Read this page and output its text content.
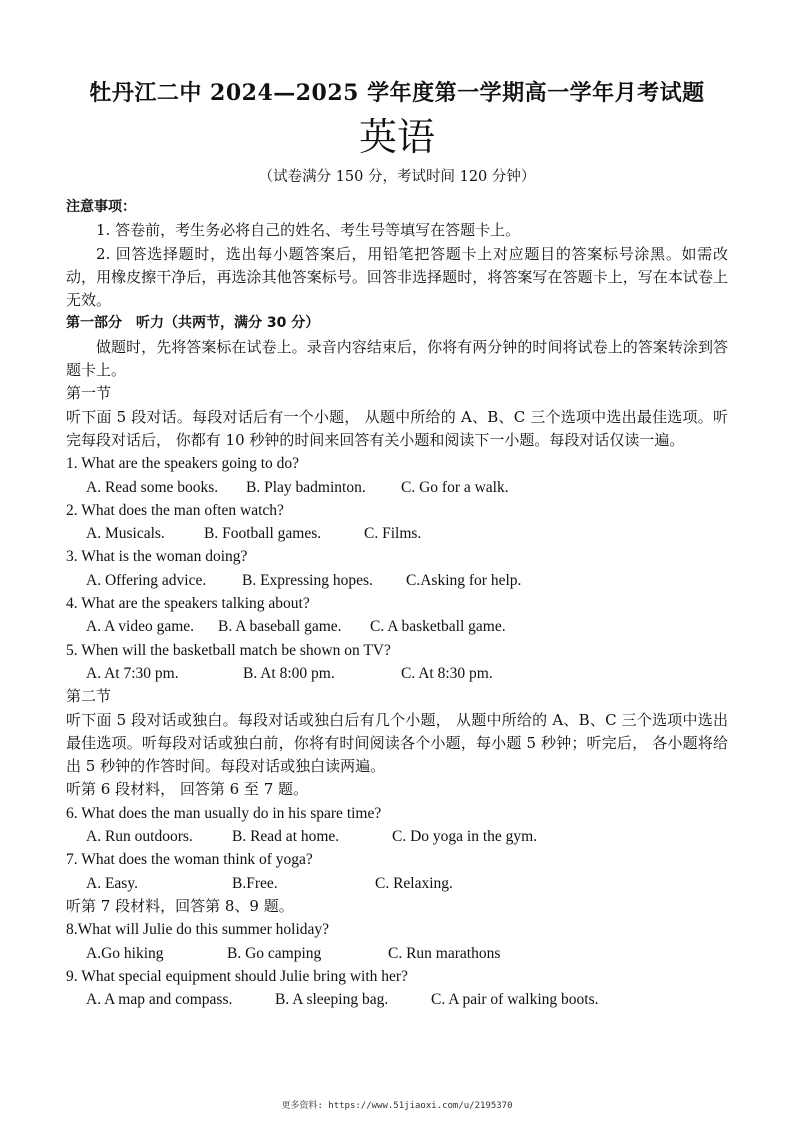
牡丹江二中 2024—2025 学年度第一学期高一学年月考试题
英语
（试卷满分 150 分，考试时间 120 分钟）

注意事项：

1. 答卷前，考生务必将自己的姓名、考生号等填写在答题卡上。

2. 回答选择题时，选出每小题答案后，用铅笔把答题卡上对应题目的答案标号涂黑。如需改动，用橡皮擦干净后，再选涂其他答案标号。回答非选择题时，将答案写在答题卡上，写在本试卷上无效。

第一部分　听力（共两节，满分 30 分）

做题时，先将答案标在试卷上。录音内容结束后，你将有两分钟的时间将试卷上的答案转涂到答题卡上。

第一节

听下面 5 段对话。每段对话后有一个小题， 从题中所给的 A、B、C 三个选项中选出最佳选项。听完每段对话后， 你都有 10 秒钟的时间来回答有关小题和阅读下一小题。每段对话仅读一遍。

1. What are the speakers going to do?

A. Read some books.	B. Play badminton.	C. Go for a walk.

2. What does the man often watch?

A. Musicals.	B. Football games.	C. Films.

3. What is the woman doing?

A. Offering advice.	B. Expressing hopes.	C.Asking for help.

4. What are the speakers talking about?

A. A video game.	B. A baseball game.	C. A basketball game.

5. When will the basketball match be shown on TV?

A. At 7:30 pm.	B. At 8:00 pm.	C. At 8:30 pm.

第二节

听下面 5 段对话或独白。每段对话或独白后有几个小题， 从题中所给的 A、B、C 三个选项中选出最佳选项。听每段对话或独白前，你将有时间阅读各个小题，每小题 5 秒钟；听完后， 各小题将给出 5 秒钟的作答时间。每段对话或独白读两遍。

听第 6 段材料， 回答第 6 至 7 题。

6. What does the man usually do in his spare time?

A. Run outdoors.	B. Read at home.	C. Do yoga in the gym.

7. What does the woman think of yoga?

A. Easy.	B.Free.	C. Relaxing.

听第 7 段材料，回答第 8、9 题。

8.What will Julie do this summer holiday?

A.Go hiking	B. Go camping	C. Run marathons

9. What special equipment should Julie bring with her?

A. A map and compass.	B. A sleeping bag.	C. A pair of walking boots.
更多资料: https://www.51jiaoxi.com/u/2195370
